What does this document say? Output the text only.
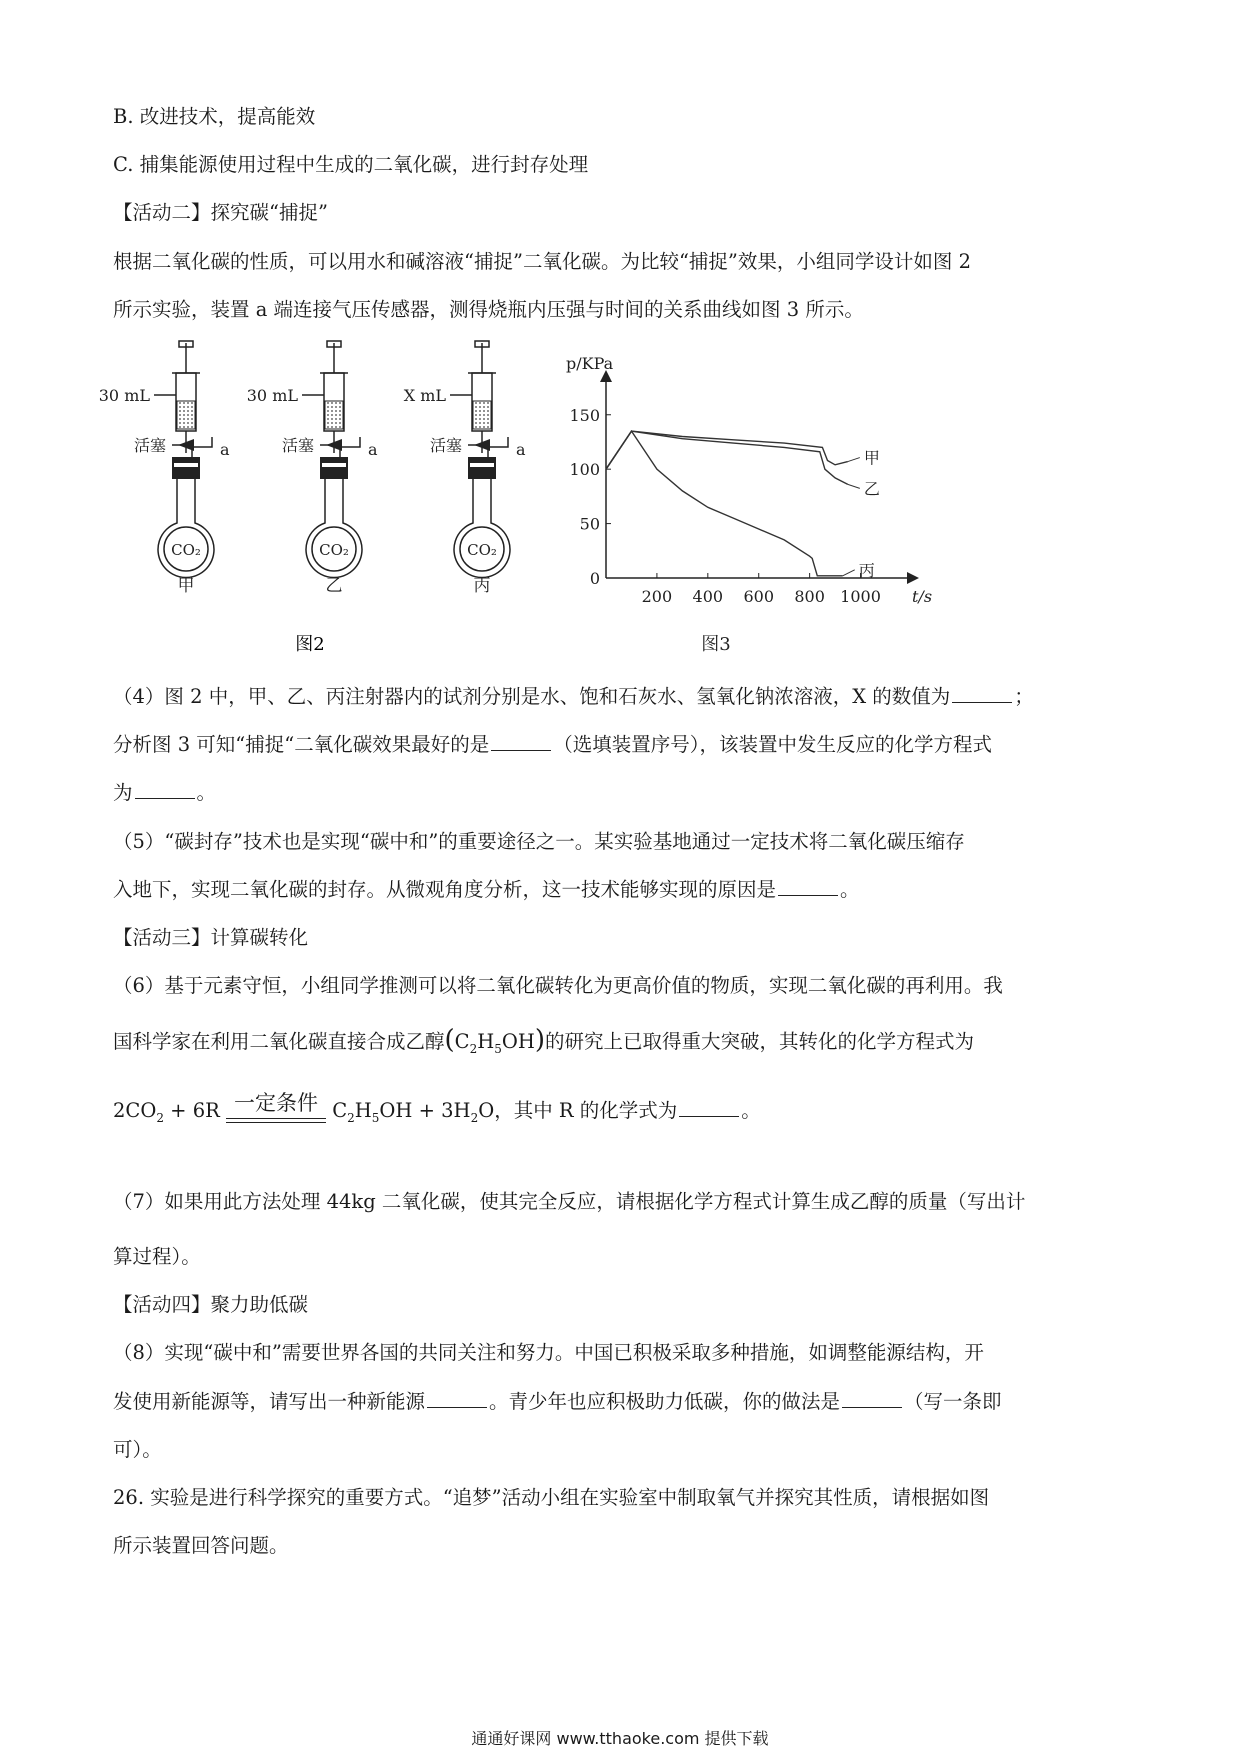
B. 改进技术，提高能效
C. 捕集能源使用过程中生成的二氧化碳，进行封存处理
【活动二】探究碳“捕捉”
根据二氧化碳的性质，可以用水和碱溶液“捕捉”二氧化碳。为比较“捕捉”效果，小组同学设计如图 2
所示实验，装置 a 端连接气压传感器，测得烧瓶内压强与时间的关系曲线如图 3 所示。
30 mL
活塞	a
CO₂
甲
30 mL
活塞	a
CO₂
乙
X mL
活塞	a
CO₂
丙
图2
p/KPa
t/s
0
50
100
150
200 400 600 800 1000
甲
乙
丙
图3
（4）图 2 中，甲、乙、丙注射器内的试剂分别是水、饱和石灰水、氢氧化钠浓溶液，X 的数值为	；
分析图 3 可知“捕捉“二氧化碳效果最好的是	（选填装置序号），该装置中发生反应的化学方程式
为	。
（5）“碳封存”技术也是实现“碳中和”的重要途径之一。某实验基地通过一定技术将二氧化碳压缩存
入地下，实现二氧化碳的封存。从微观角度分析，这一技术能够实现的原因是	。
【活动三】计算碳转化
（6）基于元素守恒，小组同学推测可以将二氧化碳转化为更高价值的物质，实现二氧化碳的再利用。我
国科学家在利用二氧化碳直接合成乙醇$(C_2H_5OH)$的研究上已取得重大突破，其转化的化学方程式为
$2CO_2 + 6R$ 一定条件 $C_2H_5OH + 3H_2O$，其中 R 的化学式为	。
（7）如果用此方法处理 44kg 二氧化碳，使其完全反应，请根据化学方程式计算生成乙醇的质量（写出计
算过程）。
【活动四】聚力助低碳
（8）实现“碳中和”需要世界各国的共同关注和努力。中国已积极采取多种措施，如调整能源结构，开
发使用新能源等，请写出一种新能源	。青少年也应积极助力低碳，你的做法是	（写一条即
可）。
26. 实验是进行科学探究的重要方式。“追梦”活动小组在实验室中制取氧气并探究其性质，请根据如图
所示装置回答问题。
通通好课网 www.tthaoke.com 提供下载
